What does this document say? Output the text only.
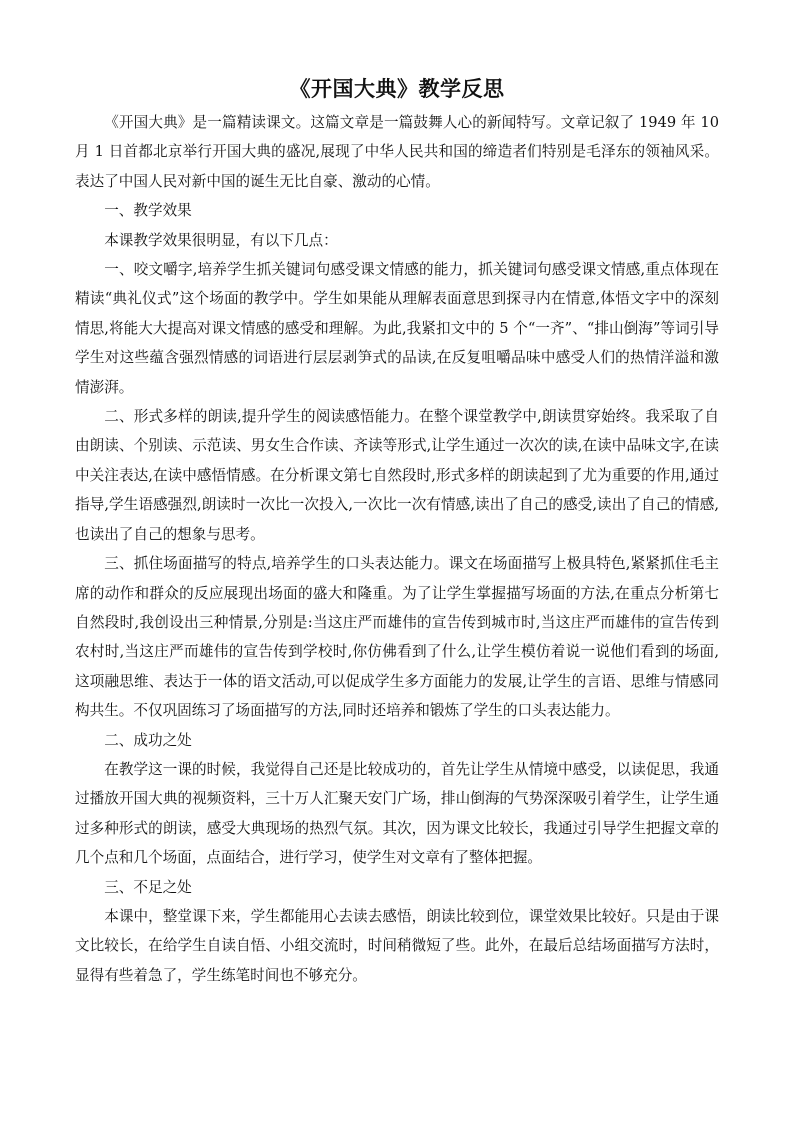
《开国大典》教学反思

《开国大典》是一篇精读课文。这篇文章是一篇鼓舞人心的新闻特写。文章记叙了 1949 年 10 月 1 日首都北京举行开国大典的盛况,展现了中华人民共和国的缔造者们特别是毛泽东的领袖风采。表达了中国人民对新中国的诞生无比自豪、激动的心情。

一、教学效果

本课教学效果很明显，有以下几点：

一、咬文嚼字,培养学生抓关键词句感受课文情感的能力，抓关键词句感受课文情感,重点体现在精读“典礼仪式”这个场面的教学中。学生如果能从理解表面意思到探寻内在情意,体悟文字中的深刻情思,将能大大提高对课文情感的感受和理解。为此,我紧扣文中的 5 个“一齐”、“排山倒海”等词引导学生对这些蕴含强烈情感的词语进行层层剥笋式的品读,在反复咀嚼品味中感受人们的热情洋溢和激情澎湃。

二、形式多样的朗读,提升学生的阅读感悟能力。在整个课堂教学中,朗读贯穿始终。我采取了自由朗读、个别读、示范读、男女生合作读、齐读等形式,让学生通过一次次的读,在读中品味文字,在读中关注表达,在读中感悟情感。在分析课文第七自然段时,形式多样的朗读起到了尤为重要的作用,通过指导,学生语感强烈,朗读时一次比一次投入,一次比一次有情感,读出了自己的感受,读出了自己的情感,也读出了自己的想象与思考。

三、抓住场面描写的特点,培养学生的口头表达能力。课文在场面描写上极具特色,紧紧抓住毛主席的动作和群众的反应展现出场面的盛大和隆重。为了让学生掌握描写场面的方法,在重点分析第七自然段时,我创设出三种情景,分别是:当这庄严而雄伟的宣告传到城市时,当这庄严而雄伟的宣告传到农村时,当这庄严而雄伟的宣告传到学校时,你仿佛看到了什么,让学生模仿着说一说他们看到的场面,这项融思维、表达于一体的语文活动,可以促成学生多方面能力的发展,让学生的言语、思维与情感同构共生。不仅巩固练习了场面描写的方法,同时还培养和锻炼了学生的口头表达能力。

二、成功之处

在教学这一课的时候，我觉得自己还是比较成功的，首先让学生从情境中感受，以读促思，我通过播放开国大典的视频资料，三十万人汇聚天安门广场，排山倒海的气势深深吸引着学生，让学生通过多种形式的朗读，感受大典现场的热烈气氛。其次，因为课文比较长，我通过引导学生把握文章的几个点和几个场面，点面结合，进行学习，使学生对文章有了整体把握。

三、不足之处

本课中，整堂课下来，学生都能用心去读去感悟，朗读比较到位，课堂效果比较好。只是由于课文比较长，在给学生自读自悟、小组交流时，时间稍微短了些。此外，在最后总结场面描写方法时，显得有些着急了，学生练笔时间也不够充分。
